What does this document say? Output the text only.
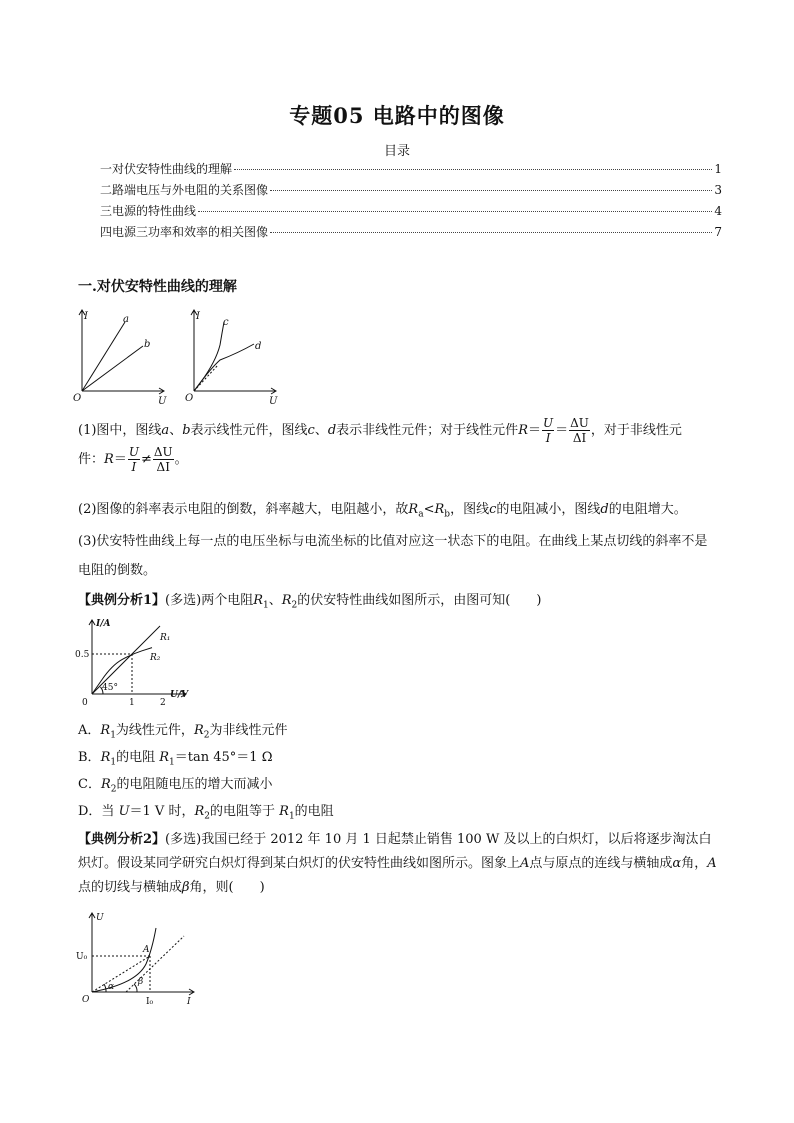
专题05 电路中的图像
目录
一对伏安特性曲线的理解	1
二路端电压与外电阻的关系图像	3
三电源的特性曲线	4
四电源三功率和效率的相关图像	7
一.对伏安特性曲线的理解
I
U
O
a
b
I
U
O
c
d
(1)图中，图线a、b表示线性元件，图线c、d表示非线性元件；对于线性元件$R= \frac{U}{I} = \frac{\Delta U}{\Delta I}$ ，对于非线性元
件：$R= \frac{U}{I} \ne \frac{\Delta U}{\Delta I}$ 。
(2)图像的斜率表示电阻的倒数，斜率越大，电阻越小，故$R_a<R_b$，图线c的电阻减小，图线d的电阻增大。
(3)伏安特性曲线上每一点的电压坐标与电流坐标的比值对应这一状态下的电阻。在曲线上某点切线的斜率不是电阻的倒数。
【典例分析1】(多选)两个电阻$R_1$、$R_2$的伏安特性曲线如图所示，由图可知(　　)
I/A
0.5
1	2
0
U/V
45°
R₁
R₂
A．$R_1$为线性元件，$R_2$为非线性元件
B．$R_1$的电阻 $R_1=\tan$ 45°＝1 Ω
C．$R_2$的电阻随电压的增大而减小
D．当 U＝1 V 时，$R_2$的电阻等于 $R_1$的电阻
【典例分析2】(多选)我国已经于 2012 年 10 月 1 日起禁止销售 100 W 及以上的白炽灯，以后将逐步淘汰白炽灯。假设某同学研究白炽灯得到某白炽灯的伏安特性曲线如图所示。图象上A点与原点的连线与横轴成α角，A点的切线与横轴成β角，则(　　)
U
U₀
A
O	I₀	I
α	β
